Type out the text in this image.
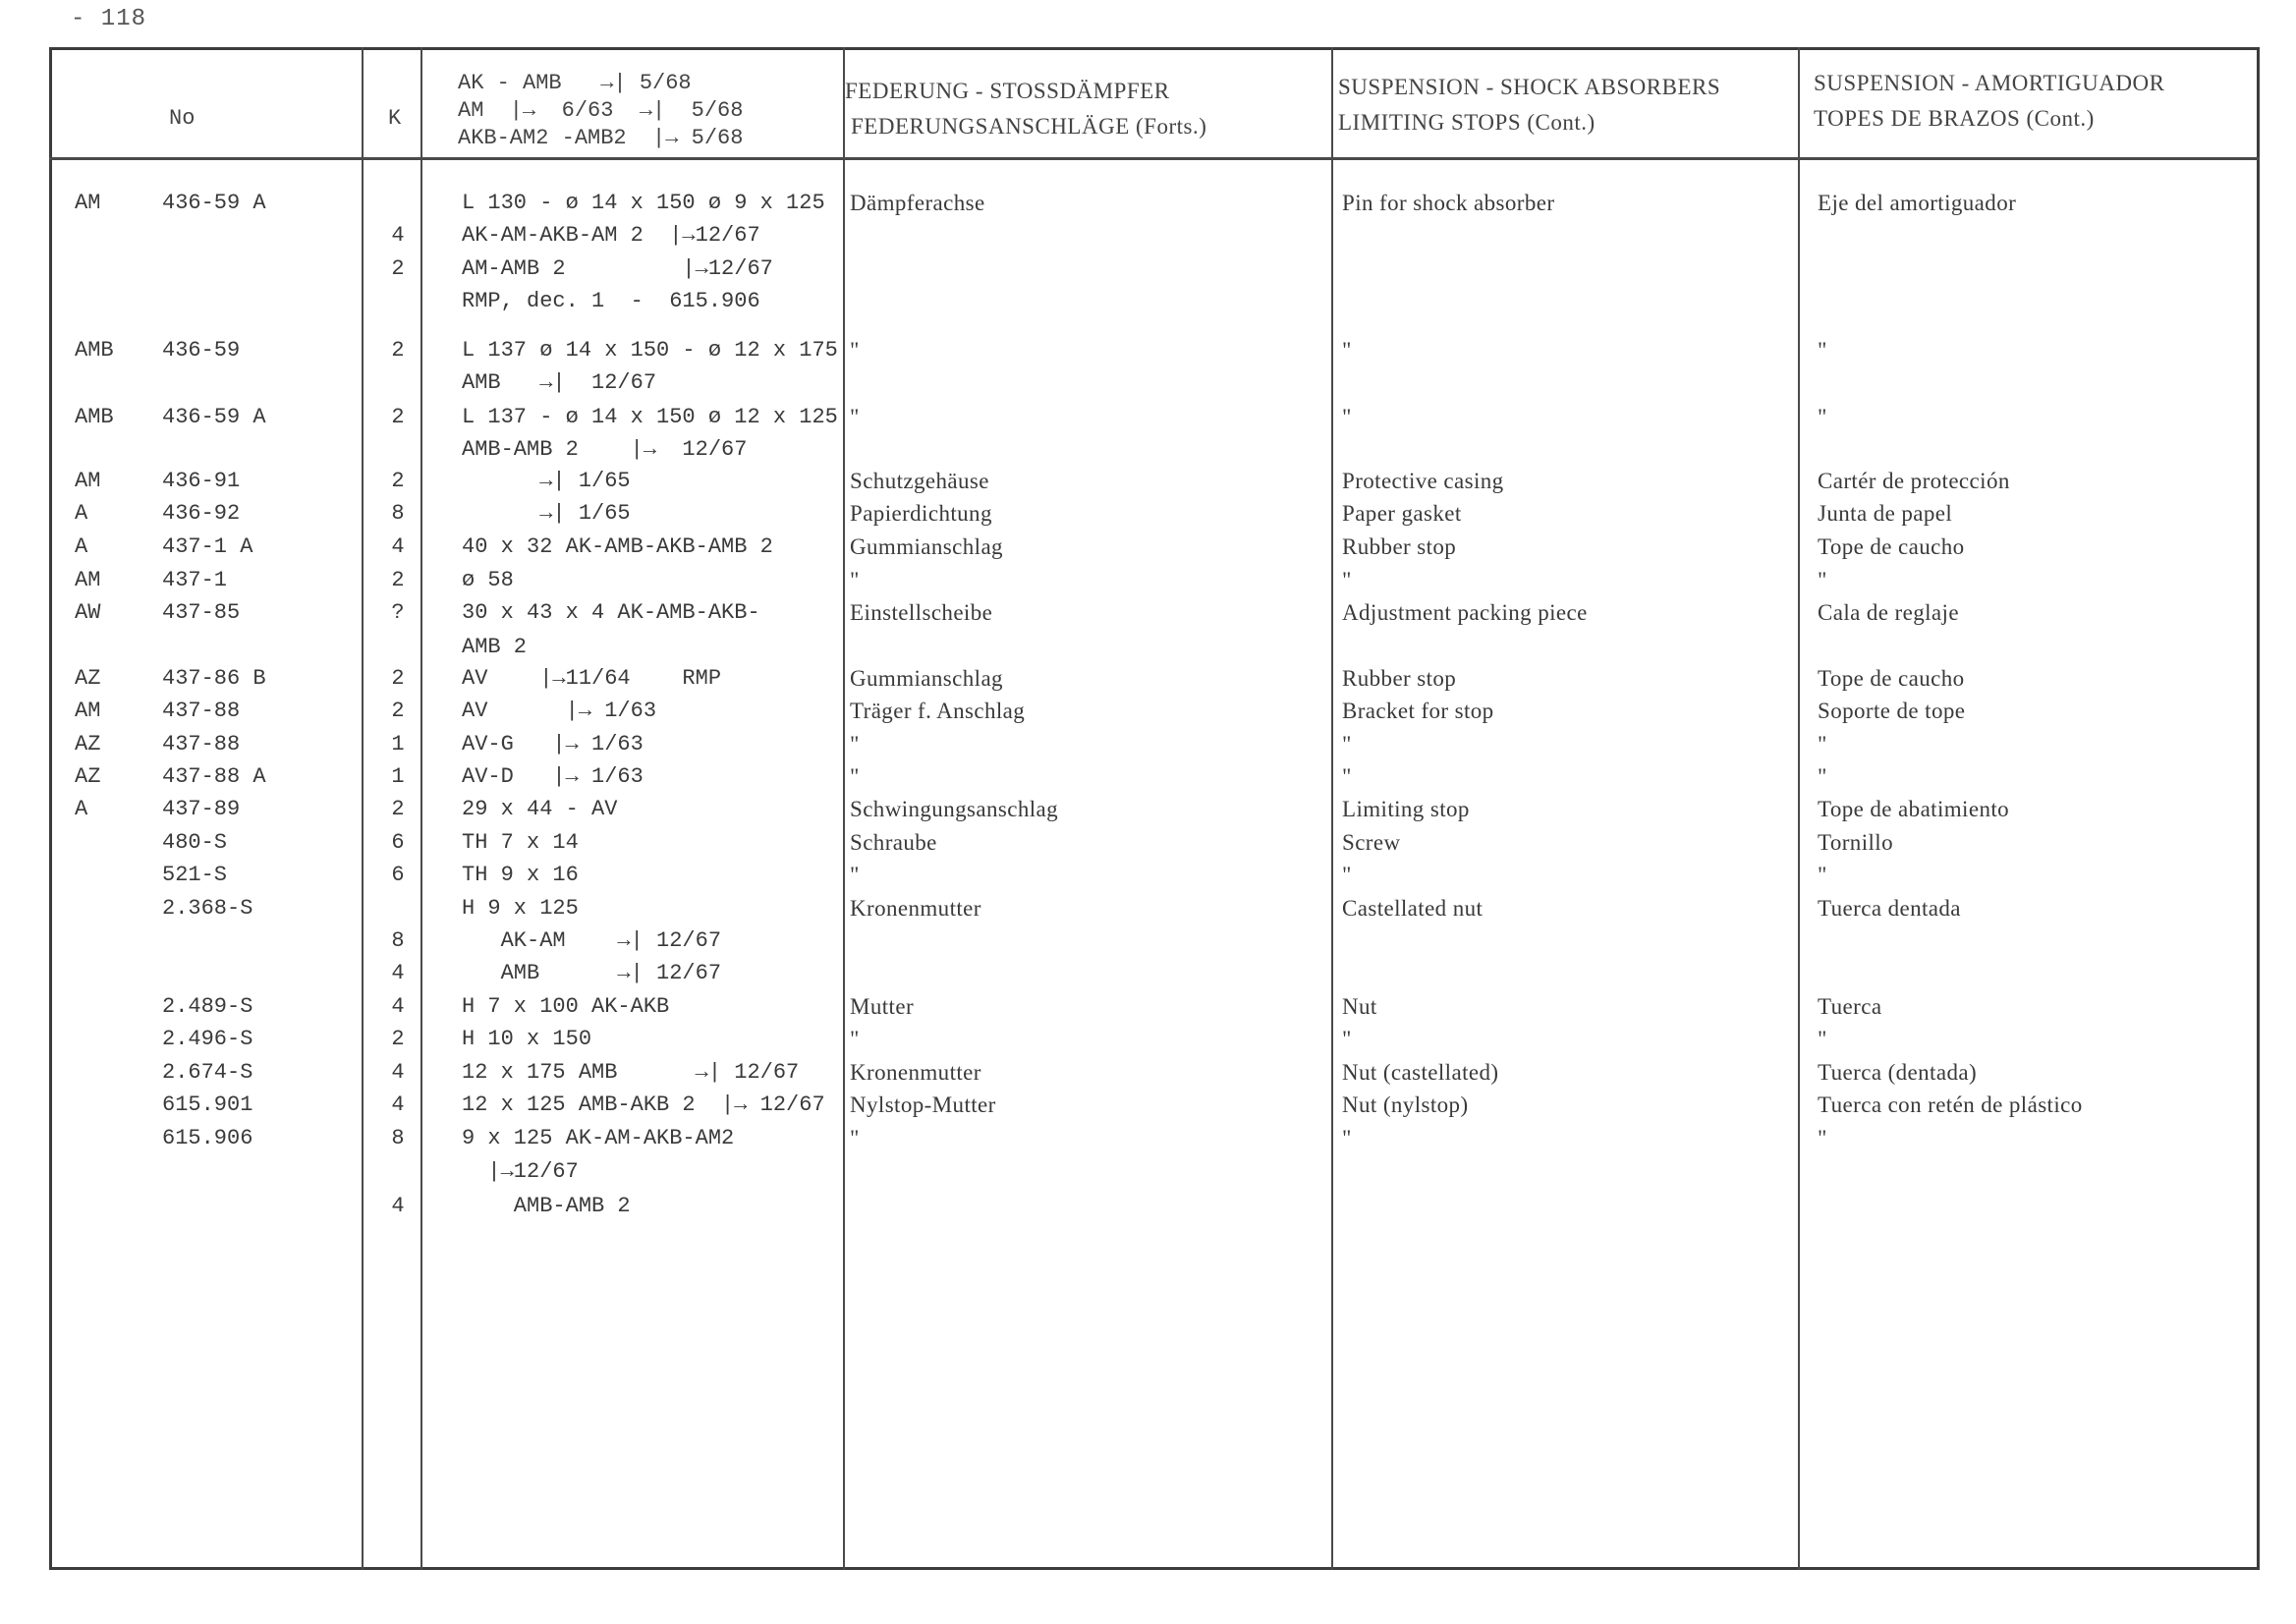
- 118
No	K
AK - AMB   →| 5/68
AM  |→  6/63  →|  5/68
AKB-AM2 -AMB2  |→ 5/68
FEDERUNG - STOSSDÄMPFER
FEDERUNGSANSCHLÄGE (Forts.)
SUSPENSION - SHOCK ABSORBERS
LIMITING STOPS (Cont.)
SUSPENSION - AMORTIGUADOR
TOPES DE BRAZOS (Cont.)
AM	436-59 A	L 130 - ø 14 x 150 ø 9 x 125 Dämpferachse	Pin for shock absorber	Eje del amortiguador
4	AK-AM-AKB-AM 2  |→12/67
2	AM-AMB 2         |→12/67
RMP, dec. 1  -  615.906
AMB 436-59	2	L 137 ø 14 x 150 - ø 12 x 175 "	"	"
AMB   →|  12/67
AMB 436-59 A	2	L 137 - ø 14 x 150 ø 12 x 125 "	"	"
AMB-AMB 2    |→  12/67
AM	436-91	2	→| 1/65	Schutzgehäuse	Protective casing	Cartér de protección
A	436-92	8	→| 1/65	Papierdichtung	Paper gasket	Junta de papel
A	437-1 A	4	40 x 32 AK-AMB-AKB-AMB 2	Gummianschlag	Rubber stop	Tope de caucho
AM	437-1	2	ø 58	"	"	"
AW	437-85	?	30 x 43 x 4 AK-AMB-AKB-	Einstellscheibe	Adjustment packing piece	Cala de reglaje
AMB 2
AZ	437-86 B	2	AV    |→11/64    RMP	Gummianschlag	Rubber stop	Tope de caucho
AM	437-88	2	AV      |→ 1/63	Träger f. Anschlag	Bracket for stop	Soporte de tope
AZ	437-88	1	AV-G   |→ 1/63	"	"	"
AZ	437-88 A	1	AV-D   |→ 1/63	"	"	"
A	437-89	2	29 x 44 - AV	Schwingungsanschlag	Limiting stop	Tope de abatimiento
480-S	6	TH 7 x 14	Schraube	Screw	Tornillo
521-S	6	TH 9 x 16	"	"	"
2.368-S	H 9 x 125	Kronenmutter	Castellated nut	Tuerca dentada
8	AK-AM    →| 12/67
4	AMB      →| 12/67
2.489-S	4	H 7 x 100 AK-AKB	Mutter	Nut	Tuerca
2.496-S	2	H 10 x 150	"	"	"
2.674-S	4	12 x 175 AMB      →| 12/67 Kronenmutter	Nut (castellated)	Tuerca (dentada)
615.901	4	12 x 125 AMB-AKB 2  |→ 12/67 Nylstop-Mutter	Nut (nylstop)	Tuerca con retén de plástico
615.906	8	9 x 125 AK-AM-AKB-AM2	"	"	"
|→12/67
4	AMB-AMB 2
